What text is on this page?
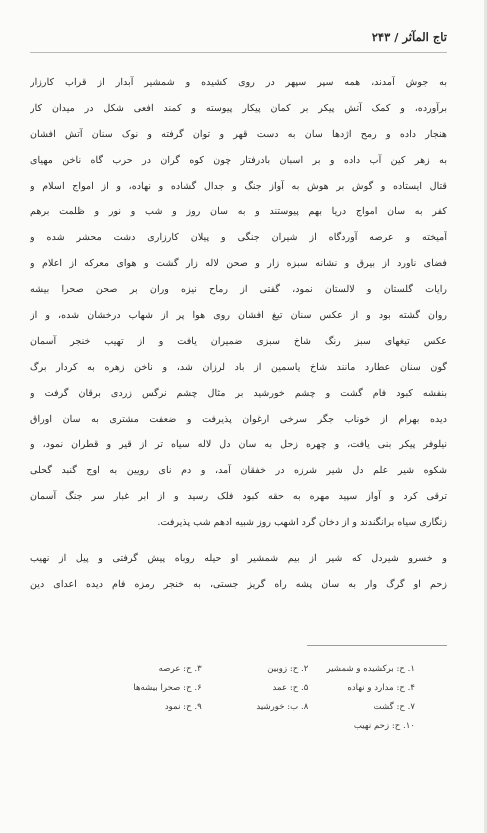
تاج المآثر / ۲۴۳
به جوش آمدند، همه سپر سپهر در روی کشیده و شمشیر آبدار از قراب کارزار
برآورده، و کمک آتش پیکر بر کمان پیکار پیوسته و کمند افعی شکل در میدان کار
هنجار داده و رمح اژدها سان به دست قهر و توان گرفته و نوک سنان آتش افشان
به زهر کین آب داده و بر اسبان بادرفتار چون کوه گران در حرب گاه ناخن مهیای
قتال ایستاده و گوش بر هوش به آواز جنگ و جدال گشاده و نهاده، و از امواج اسلام و
کفر به سان امواج دریا بهم پیوستند و به سان روز و شب و نور و ظلمت برهم
آمیخته و عرصه آوردگاه از شیران جنگی و پیلان کارزاری دشت محشر شده و
فضای ناورد از بیرق و نشانه سبزه زار و صحن لاله زار گشت و هوای معرکه از اعلام و
رایات گلستان و لالستان نمود، گفتی از رماح نیزه وران بر صحن صحرا بیشه
روان گشته بود و از عکس سنان تیغ افشان روی هوا پر از شهاب درخشان شده، و از
عکس تیغهای سبز رنگ شاخ سبزی ضمیران یافت و از تهیب خنجر آسمان
گون سنان عطارد مانند شاخ یاسمین از باد لرزان شد، و ناخن زهره به کردار برگ
بنفشه کبود فام گشت و چشم خورشید بر مثال چشم نرگس زردی برقان گرفت و
دیده بهرام از خوناب جگر سرخی ارغوان پذیرفت و ضعفت مشتری به سان اوراق
نیلوفر پیکر بنی یافت، و چهره زحل به سان دل لاله سیاه تر از قیر و قطران نمود، و
شکوه شیر علم دل شیر شرزه در خفقان آمد، و دم نای رویین به اوج گنبد گحلی
ترقی کرد و آواز سپید مهره به حقه کبود فلک رسید و از ابر غبار سر جنگ آسمان
زنگاری سیاه برانگندند و از دخان گرد اشهب روز شبیه ادهم شب پذیرفت.
و خسرو شیردل که شیر از بیم شمشیر او حیله روباه پیش گرفتی و پیل از نهیب
زحم او گرگ وار به سان پشه راه گریز جستی، به خنجر رمزه فام دیده اعدای دین
۱. ح: برکشیده و شمشیر
۲. ح: زوبین
۳. ح: عرصه
۴. ح: مدارد و نهاده
۵. ح: عمد
۶. ح: صحرا بیشه‌ها
۷. ح: گشت
۸. ب: خورشید
۹. ح: نمود
۱۰. ح: زحم نهیب
